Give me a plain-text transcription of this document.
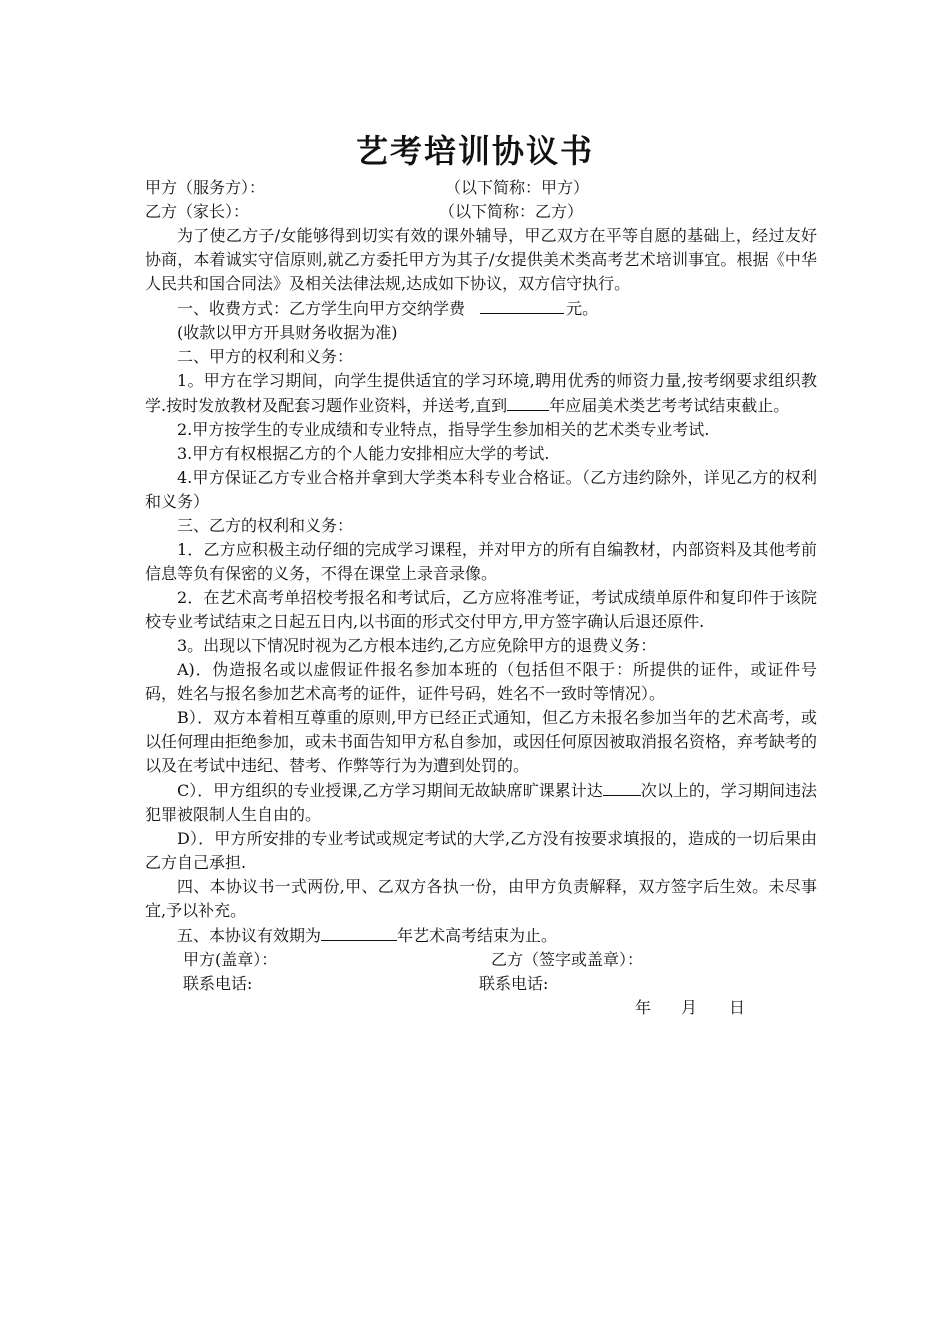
艺考培训协议书
甲方（服务方）：	（以下简称：甲方）
乙方（家长）：	（以下简称：乙方）
为了使乙方子/女能够得到切实有效的课外辅导，甲乙双方在平等自愿的基础上，经过友好协商，本着诚实守信原则,就乙方委托甲方为其子/女提供美术类高考艺术培训事宜。根据《中华人民共和国合同法》及相关法律法规,达成如下协议，双方信守执行。
一、收费方式：乙方学生向甲方交纳学费	元。
(收款以甲方开具财务收据为准)
二、甲方的权利和义务：
1。甲方在学习期间，向学生提供适宜的学习环境,聘用优秀的师资力量,按考纲要求组织教学.按时发放教材及配套习题作业资料，并送考,直到	年应届美术类艺考考试结束截止。
2.甲方按学生的专业成绩和专业特点，指导学生参加相关的艺术类专业考试.
3.甲方有权根据乙方的个人能力安排相应大学的考试.
4.甲方保证乙方专业合格并拿到大学类本科专业合格证。（乙方违约除外，详见乙方的权利和义务）
三、乙方的权利和义务：
1．乙方应积极主动仔细的完成学习课程，并对甲方的所有自编教材，内部资料及其他考前信息等负有保密的义务，不得在课堂上录音录像。
2．在艺术高考单招校考报名和考试后，乙方应将准考证，考试成绩单原件和复印件于该院校专业考试结束之日起五日内,以书面的形式交付甲方,甲方签字确认后退还原件.
3。出现以下情况时视为乙方根本违约,乙方应免除甲方的退费义务：
A)．伪造报名或以虚假证件报名参加本班的（包括但不限于：所提供的证件，或证件号码，姓名与报名参加艺术高考的证件，证件号码，姓名不一致时等情况）。
B）．双方本着相互尊重的原则,甲方已经正式通知，但乙方未报名参加当年的艺术高考，或以任何理由拒绝参加，或未书面告知甲方私自参加，或因任何原因被取消报名资格，弃考缺考的以及在考试中违纪、替考、作弊等行为为遭到处罚的。
C）．甲方组织的专业授课,乙方学习期间无故缺席旷课累计达 次以上的，学习期间违法犯罪被限制人生自由的。
D）．甲方所安排的专业考试或规定考试的大学,乙方没有按要求填报的，造成的一切后果由乙方自己承担.
四、本协议书一式两份,甲、乙双方各执一份，由甲方负责解释，双方签字后生效。未尽事宜,予以补充。
五、本协议有效期为	年艺术高考结束为止。
甲方(盖章）：	乙方（签字或盖章）：
联系电话:	联系电话:
年 月 日
